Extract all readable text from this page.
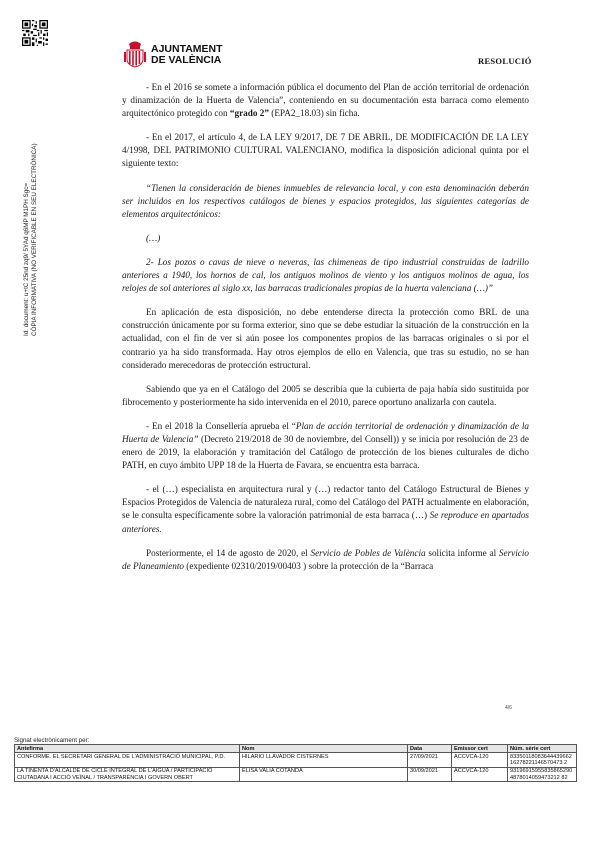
AJUNTAMENT
DE VALÈNCIA	RESOLUCIÓ
Id. document: u+tC 25nd zq9/ 5YAd q6MP M1PH Sgc= CÒPIA INFORMATIVA (NO VERIFICABLE EN SEU ELECTRÒNICA)

- En el 2016 se somete a información pública el documento del Plan de acción territorial de ordenación y dinamización de la Huerta de Valencia”, conteniendo en su documentación esta barraca como elemento arquitectónico protegido con “grado 2” (EPA2_18.03) sin ficha.

- En el 2017, el artículo 4, de LA LEY 9/2017, DE 7 DE ABRIL, DE MODIFICACIÓN DE LA LEY 4/1998, DEL PATRIMONIO CULTURAL VALENCIANO, modifica la disposición adicional quinta por el siguiente texto:

“Tienen la consideración de bienes inmuebles de relevancia local, y con esta denominación deberán ser incluidos en los respectivos catálogos de bienes y espacios protegidos, las siguientes categorías de elementos arquitectónicos:

(…)

2- Los pozos o cavas de nieve o neveras, las chimeneas de tipo industrial construidas de ladrillo anteriores a 1940, los hornos de cal, los antiguos molinos de viento y los antiguos molinos de agua, los relojes de sol anteriores al siglo xx, las barracas tradicionales propias de la huerta valenciana (…)”

En aplicación de esta disposición, no debe entenderse directa la protección como BRL de una construcción únicamente por su forma exterior, sino que se debe estudiar la situación de la construcción en la actualidad, con el fin de ver si aún posee los componentes propios de las barracas originales o si por el contrario ya ha sido transformada. Hay otros ejemplos de ello en Valencia, que tras su estudio, no se han considerado merecedoras de protección estructural.

Sabiendo que ya en el Catálogo del 2005 se describía que la cubierta de paja había sido sustituida por fibrocemento y posteriormente ha sido intervenida en el 2010, parece oportuno analizarla con cautela.

- En el 2018 la Consellería aprueba el “Plan de acción territorial de ordenación y dinamización de la Huerta de Valencia” (Decreto 219/2018 de 30 de noviembre, del Consell)) y se inicia por resolución de 23 de enero de 2019, la elaboración y tramitación del Catálogo de protección de los bienes culturales de dicho PATH, en cuyo ámbito UPP 18 de la Huerta de Favara, se encuentra esta barraca.

- el (…) especialista en arquitectura rural y (…) redactor tanto del Catálogo Estructural de Bienes y Espacios Protegidos de Valencia de naturaleza rural, como del Catálogo del PATH actualmente en elaboración, se le consulta específicamente sobre la valoración patrimonial de esta barraca (…) Se reproduce en apartados anteriores.

Posteriormente, el 14 de agosto de 2020, el Servicio de Pobles de València solicita informe al Servicio de Planeamiento (expediente 02310/2019/00403 ) sobre la protección de la “Barraca

4/6
Signat electrònicament per:
Antefirma	Nom	Data	Emissor cert	Núm. sèrie cert
CONFORME. EL SECRETARI GENERAL DE L'ADMINISTRACIÓ MUNICIPAL, P.D.	HILARIO LLAVADOR CISTERNES	27/09/2021	ACCVCA-120	8335011808364443966216278221146570473 2
LA TINENTA D'ALCALDE DE CICLE INTEGRAL DE L'AIGUA / PARTICIPACIÓ CIUTADANA I ACCIÓ VEÏNAL / TRANSPARÈNCIA I GOVERN OBERT	ELISA VALIA COTANDA	30/09/2021	ACCVCA-120	931969159558358652904878014059473212 82
